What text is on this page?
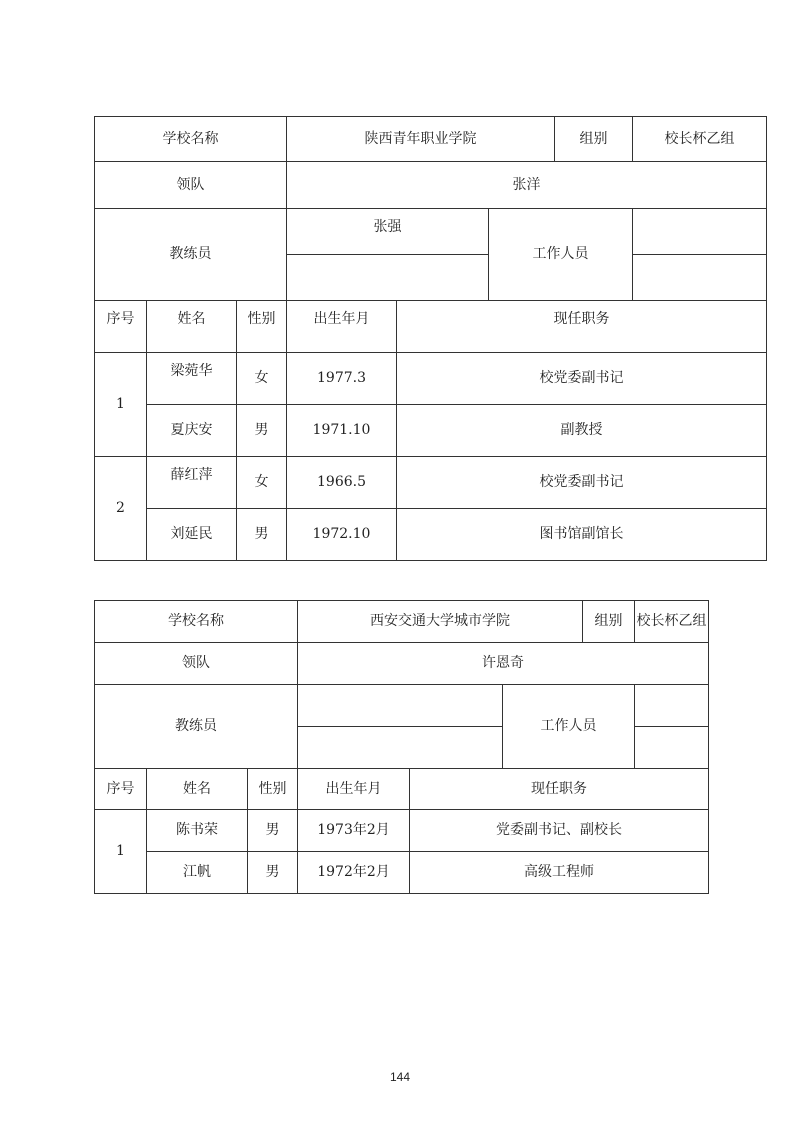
学校名称			陕西青年职业学院			组别	校长杯乙组
领队			张洋				
教练员			张强		工作人员		

序号	姓名	性别	出生年月	现任职务			
1	梁菀华	女	1977.3	校党委副书记			
	夏庆安	男	1971.10	副教授			
2	薛红萍	女	1966.5	校党委副书记			
	刘延民	男	1972.10	图书馆副馆长			
学校名称			西安交通大学城市学院			组别	校长杯乙组
领队			许恩奇				
教练员					工作人员		

序号	姓名	性别	出生年月	现任职务			
1	陈书荣	男	1973年2月	党委副书记、副校长			
	江帆	男	1972年2月	高级工程师			
144
